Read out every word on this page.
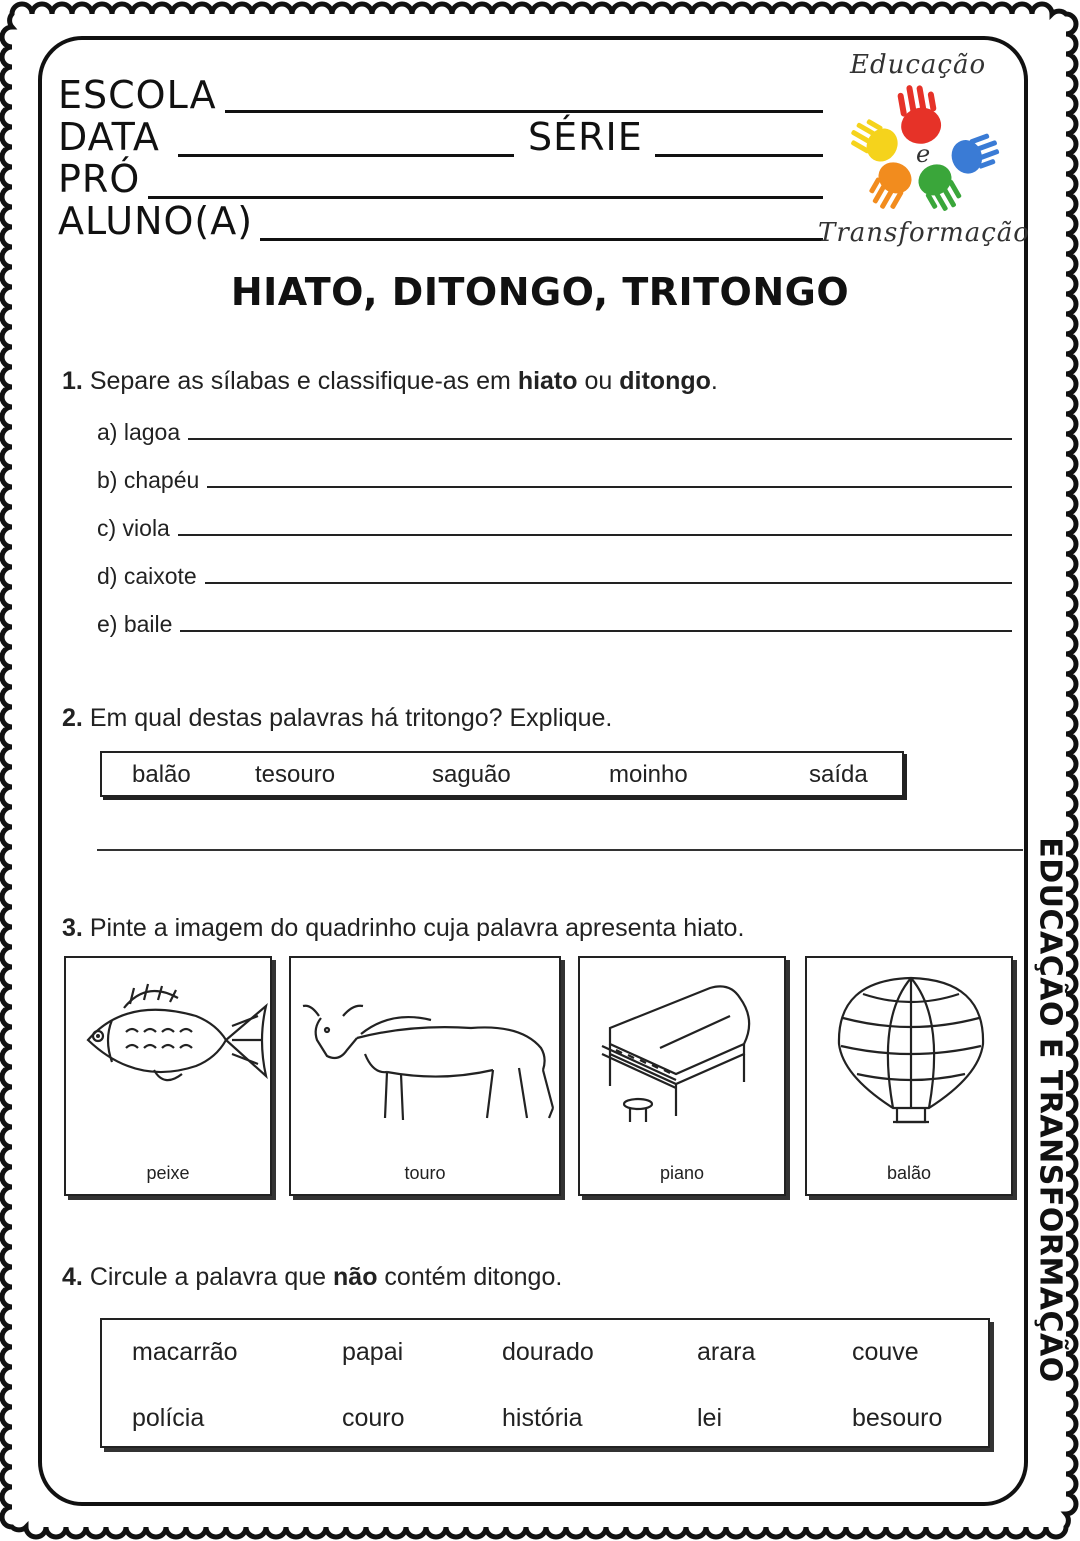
ESCOLA
DATA	SÉRIE
PRÓ
ALUNO(A)
Educação
e
Transformação
HIATO, DITONGO, TRITONGO
1. Separe as sílabas e classifique-as em hiato ou ditongo.
a) lagoa
b) chapéu
c) viola
d) caixote
e) baile
2. Em qual destas palavras há tritongo? Explique.
balão	tesouro	saguão	moinho	saída
3. Pinte a imagem do quadrinho cuja palavra apresenta hiato.
peixe	touro	piano	balão
4. Circule a palavra que não contém ditongo.
macarrão	papai	dourado	arara	couve
polícia	couro	história	lei	besouro
EDUCAÇÃO E TRANSFORMAÇÃO
